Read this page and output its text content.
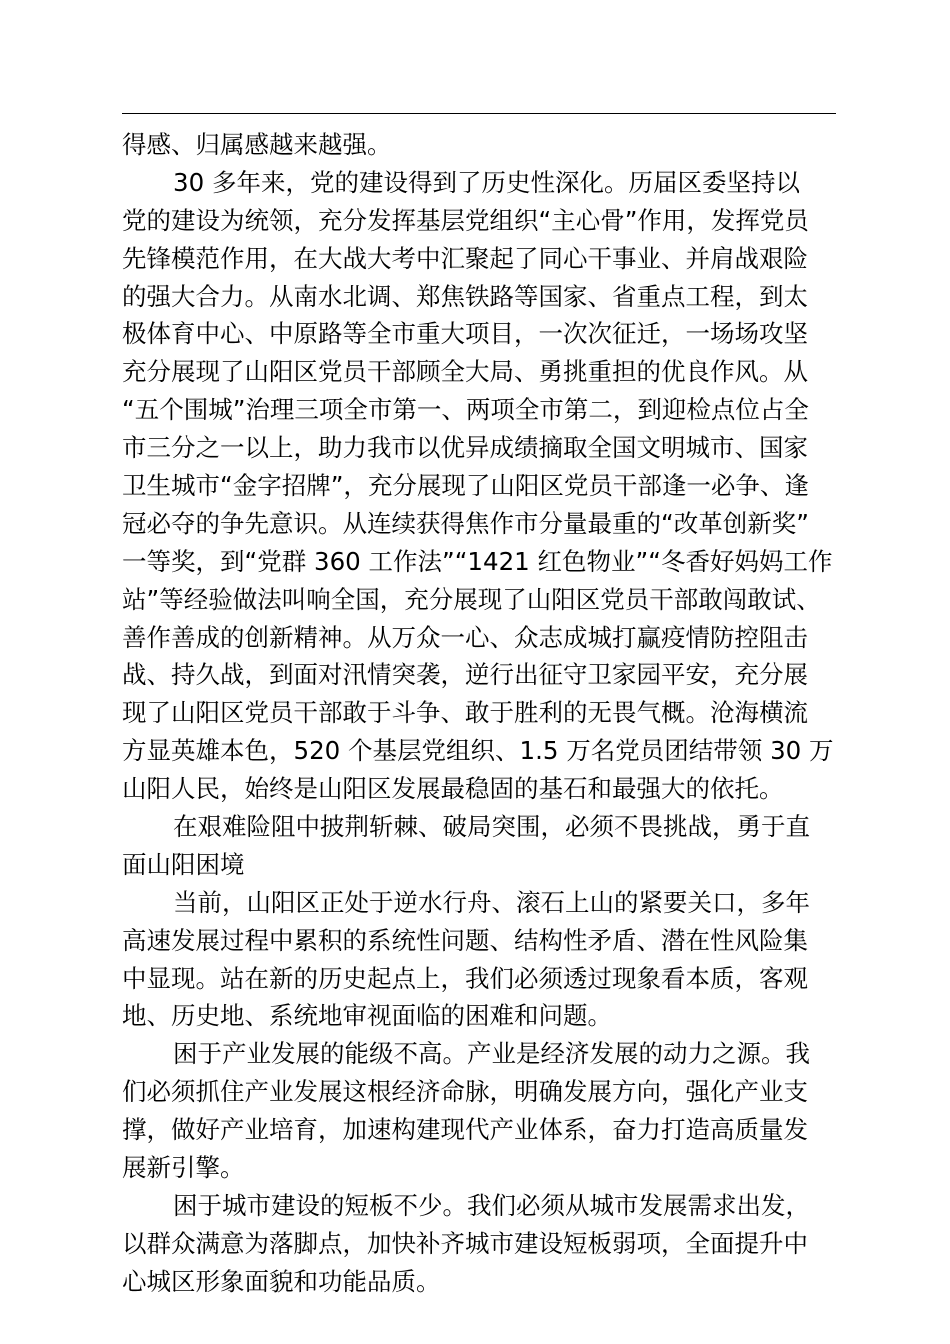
得感、归属感越来越强。
30 多年来，党的建设得到了历史性深化。历届区委坚持以
党的建设为统领，充分发挥基层党组织“主心骨”作用，发挥党员
先锋模范作用，在大战大考中汇聚起了同心干事业、并肩战艰险
的强大合力。从南水北调、郑焦铁路等国家、省重点工程，到太
极体育中心、中原路等全市重大项目，一次次征迁，一场场攻坚
充分展现了山阳区党员干部顾全大局、勇挑重担的优良作风。从
“五个围城”治理三项全市第一、两项全市第二，到迎检点位占全
市三分之一以上，助力我市以优异成绩摘取全国文明城市、国家
卫生城市“金字招牌”，充分展现了山阳区党员干部逢一必争、逢
冠必夺的争先意识。从连续获得焦作市分量最重的“改革创新奖”
一等奖，到“党群 360 工作法”“1421 红色物业”“冬香好妈妈工作
站”等经验做法叫响全国，充分展现了山阳区党员干部敢闯敢试、
善作善成的创新精神。从万众一心、众志成城打赢疫情防控阻击
战、持久战，到面对汛情突袭，逆行出征守卫家园平安，充分展
现了山阳区党员干部敢于斗争、敢于胜利的无畏气概。沧海横流
方显英雄本色，520 个基层党组织、1.5 万名党员团结带领 30 万
山阳人民，始终是山阳区发展最稳固的基石和最强大的依托。
在艰难险阻中披荆斩棘、破局突围，必须不畏挑战，勇于直
面山阳困境
当前，山阳区正处于逆水行舟、滚石上山的紧要关口，多年
高速发展过程中累积的系统性问题、结构性矛盾、潜在性风险集
中显现。站在新的历史起点上，我们必须透过现象看本质，客观
地、历史地、系统地审视面临的困难和问题。
困于产业发展的能级不高。产业是经济发展的动力之源。我
们必须抓住产业发展这根经济命脉，明确发展方向，强化产业支
撑，做好产业培育，加速构建现代产业体系，奋力打造高质量发
展新引擎。
困于城市建设的短板不少。我们必须从城市发展需求出发，
以群众满意为落脚点，加快补齐城市建设短板弱项，全面提升中
心城区形象面貌和功能品质。
